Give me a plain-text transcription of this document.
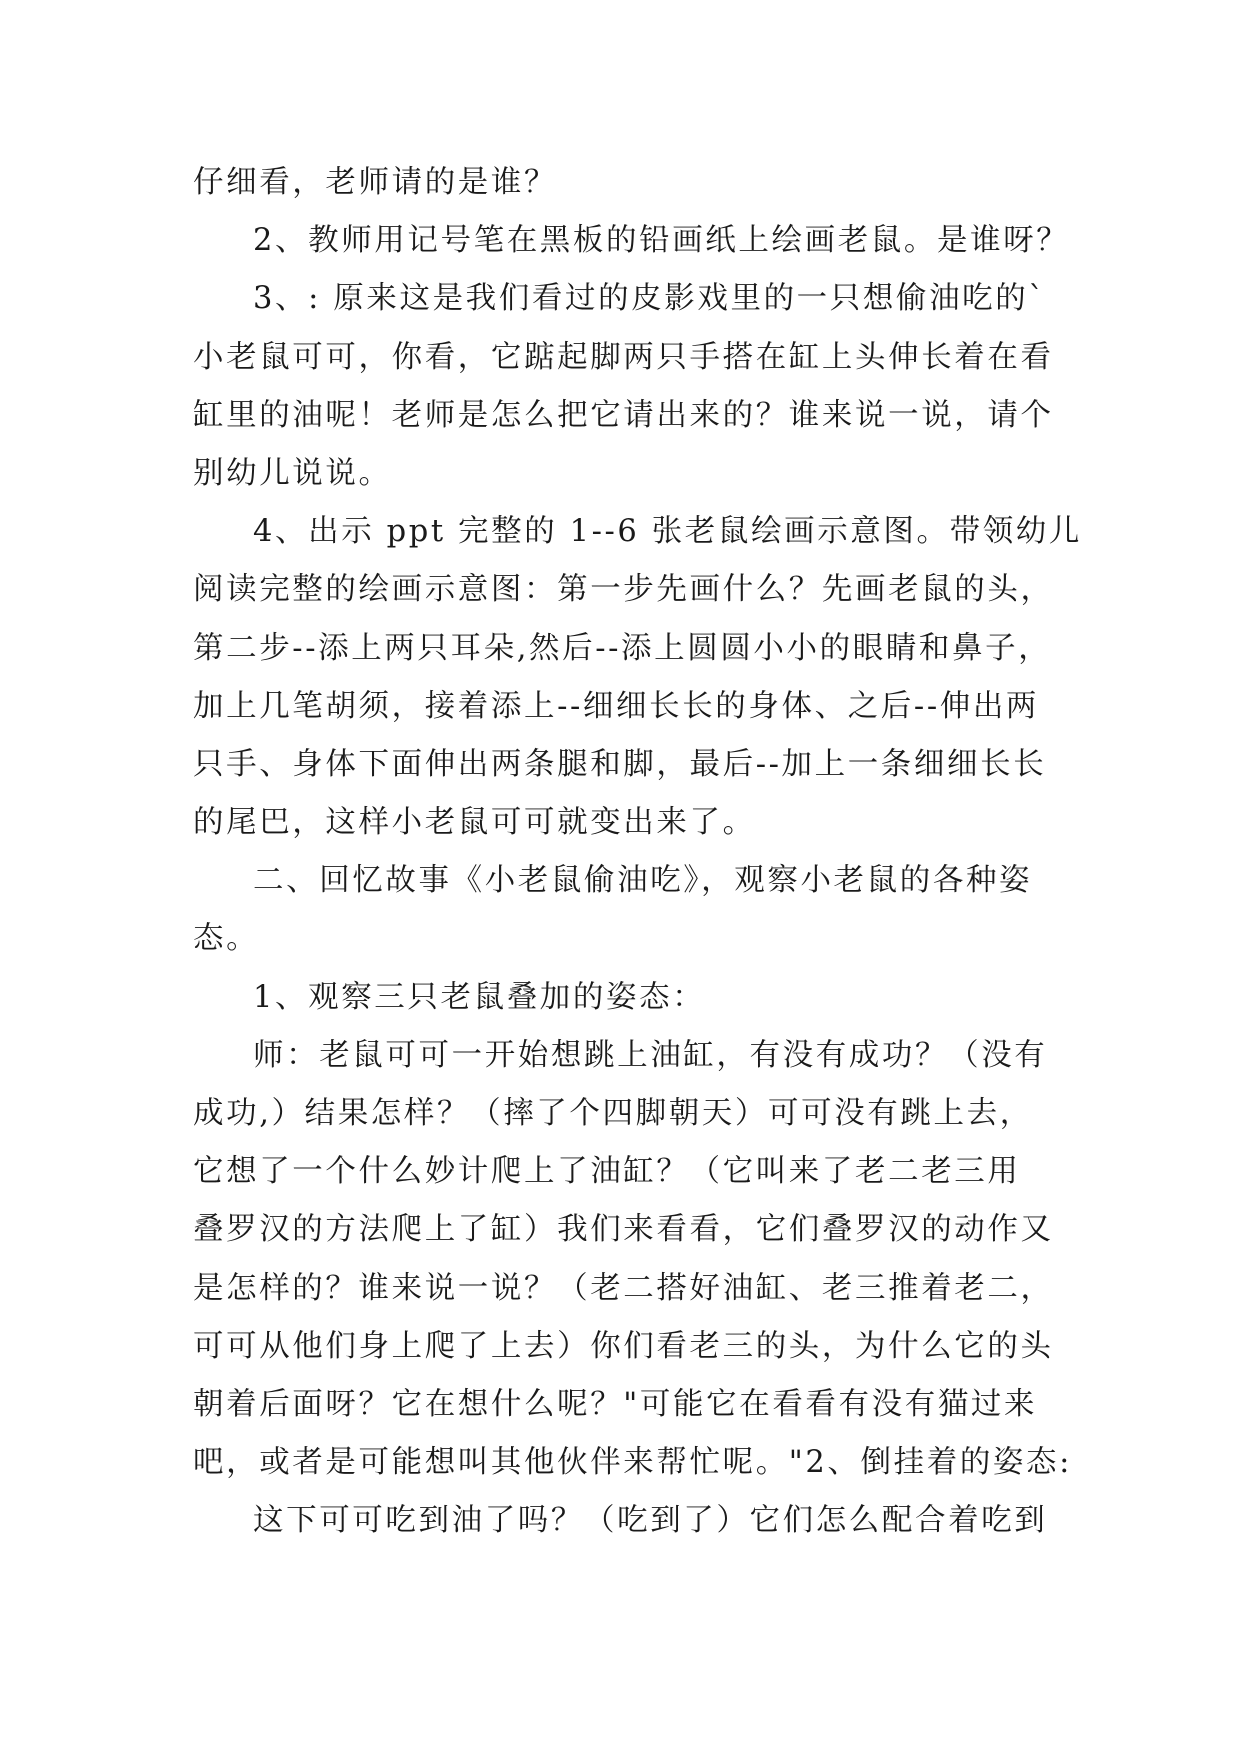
仔细看，老师请的是谁？
2、教师用记号笔在黑板的铅画纸上绘画老鼠。是谁呀？
3、: 原来这是我们看过的皮影戏里的一只想偷油吃的`
小老鼠可可，你看，它踮起脚两只手搭在缸上头伸长着在看
缸里的油呢！老师是怎么把它请出来的？谁来说一说，请个
别幼儿说说。
4、出示 ppt 完整的 1--6 张老鼠绘画示意图。带领幼儿
阅读完整的绘画示意图：第一步先画什么？先画老鼠的头，
第二步--添上两只耳朵,然后--添上圆圆小小的眼睛和鼻子，
加上几笔胡须，接着添上--细细长长的身体、之后--伸出两
只手、身体下面伸出两条腿和脚，最后--加上一条细细长长
的尾巴，这样小老鼠可可就变出来了。
二、回忆故事《小老鼠偷油吃》，观察小老鼠的各种姿
态。
1、观察三只老鼠叠加的姿态：
师：老鼠可可一开始想跳上油缸，有没有成功？（没有
成功,）结果怎样？（摔了个四脚朝天）可可没有跳上去，
它想了一个什么妙计爬上了油缸？（它叫来了老二老三用
叠罗汉的方法爬上了缸）我们来看看，它们叠罗汉的动作又
是怎样的？谁来说一说？（老二搭好油缸、老三推着老二，
可可从他们身上爬了上去）你们看老三的头，为什么它的头
朝着后面呀？它在想什么呢？"可能它在看看有没有猫过来
吧，或者是可能想叫其他伙伴来帮忙呢。"2、倒挂着的姿态:
这下可可吃到油了吗？（吃到了）它们怎么配合着吃到
